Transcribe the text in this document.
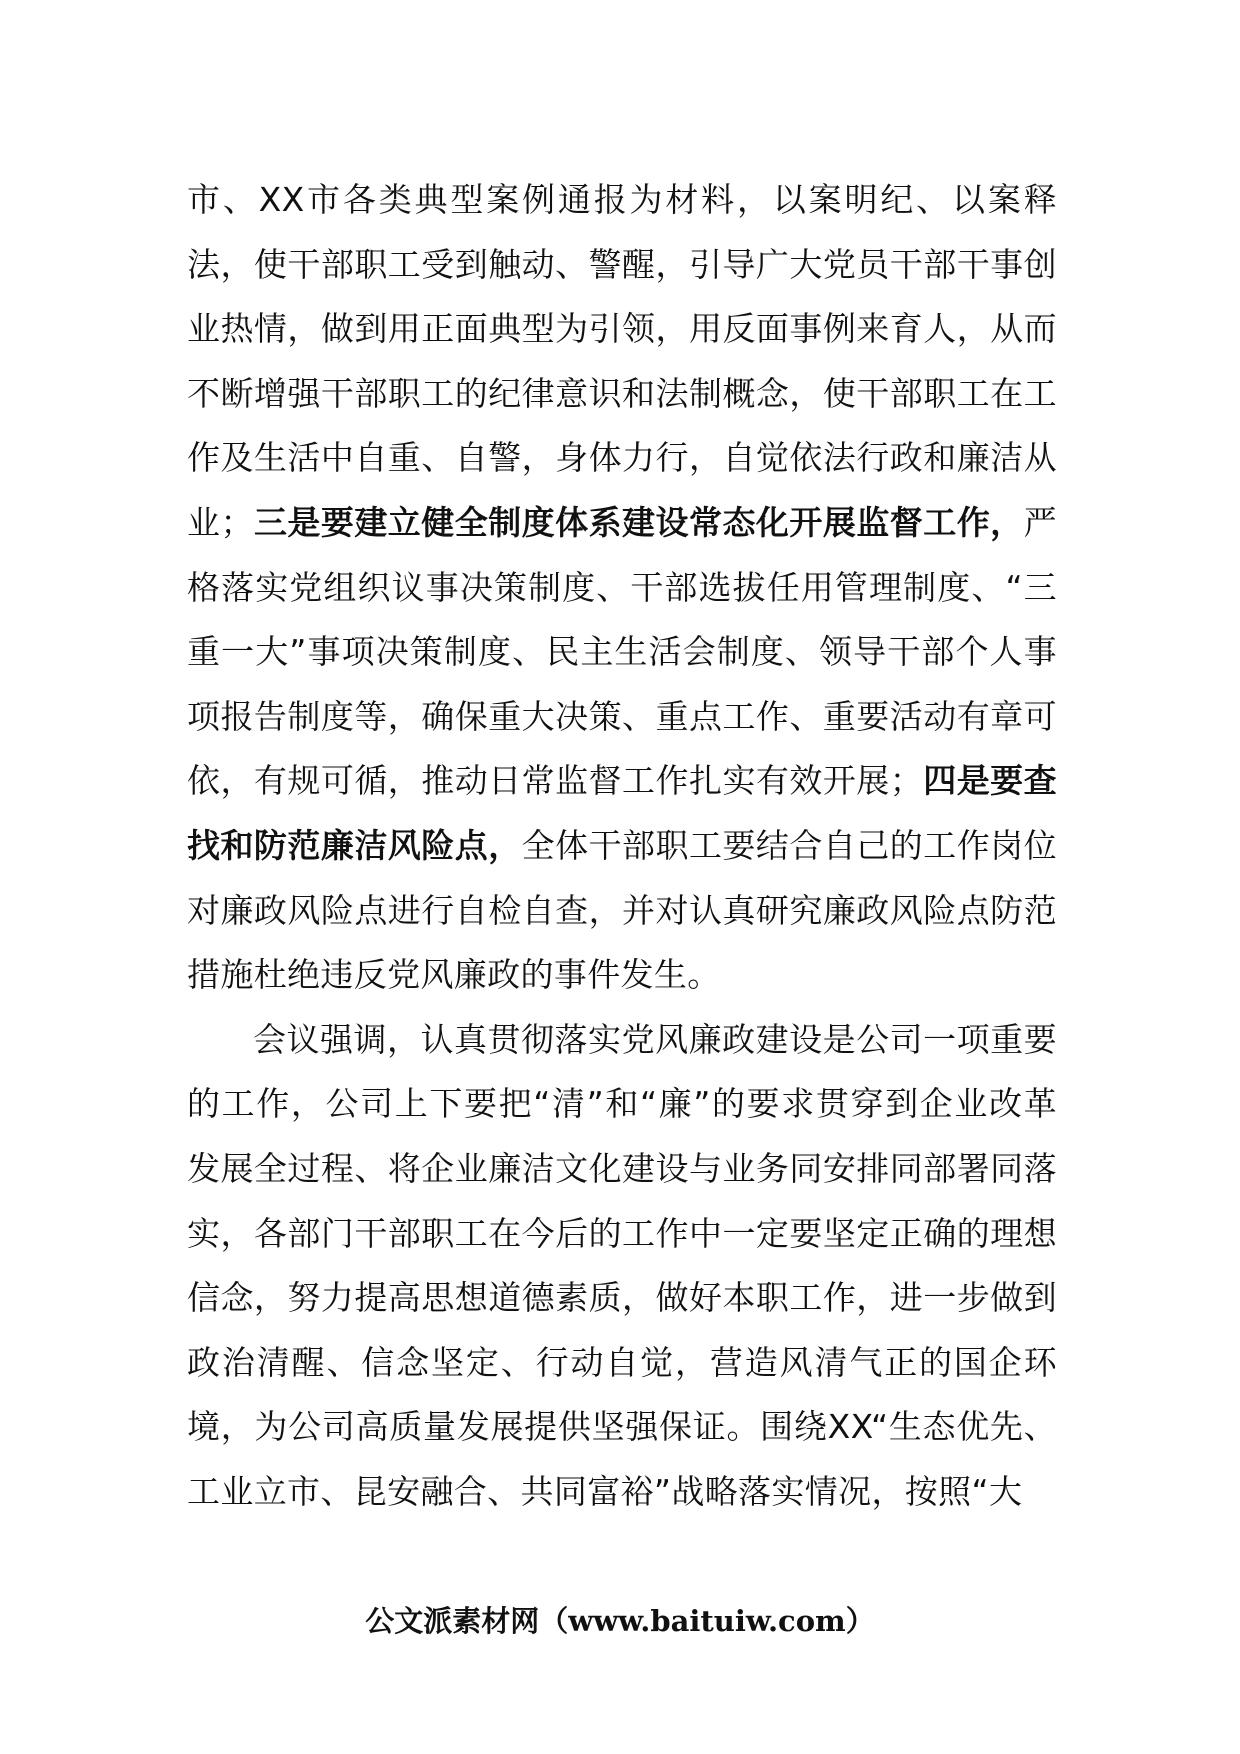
市、XX市各类典型案例通报为材料，以案明纪、以案释法，使干部职工受到触动、警醒，引导广大党员干部干事创业热情，做到用正面典型为引领，用反面事例来育人，从而不断增强干部职工的纪律意识和法制概念，使干部职工在工作及生活中自重、自警，身体力行，自觉依法行政和廉洁从业；三是要建立健全制度体系建设常态化开展监督工作，严格落实党组织议事决策制度、干部选拔任用管理制度、“三重一大”事项决策制度、民主生活会制度、领导干部个人事项报告制度等，确保重大决策、重点工作、重要活动有章可依，有规可循，推动日常监督工作扎实有效开展；四是要查找和防范廉洁风险点，全体干部职工要结合自己的工作岗位对廉政风险点进行自检自查，并对认真研究廉政风险点防范措施杜绝违反党风廉政的事件发生。

会议强调，认真贯彻落实党风廉政建设是公司一项重要的工作，公司上下要把“清”和“廉”的要求贯穿到企业改革发展全过程、将企业廉洁文化建设与业务同安排同部署同落实，各部门干部职工在今后的工作中一定要坚定正确的理想信念，努力提高思想道德素质，做好本职工作，进一步做到政治清醒、信念坚定、行动自觉，营造风清气正的国企环境，为公司高质量发展提供坚强保证。围绕XX“生态优先、工业立市、昆安融合、共同富裕”战略落实情况，按照“大

公文派素材网（www.baituiw.com）
